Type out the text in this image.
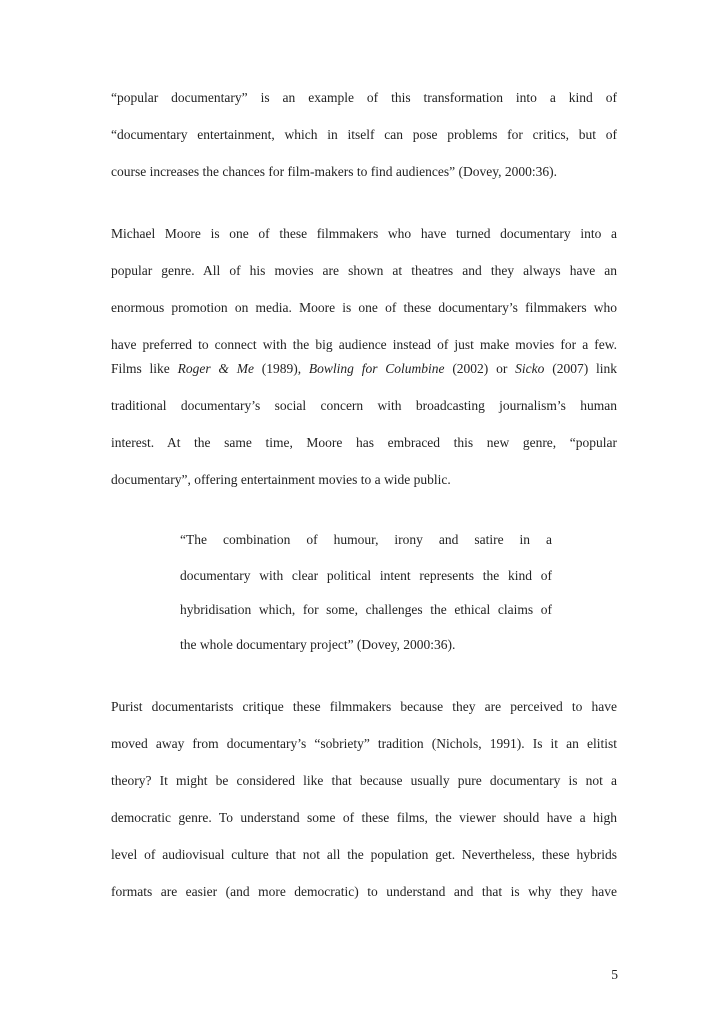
“popular documentary” is an example of this transformation into a kind of
“documentary entertainment, which in itself can pose problems for critics, but of
course increases the chances for film-makers to find audiences” (Dovey, 2000:36).
Michael Moore is one of these filmmakers who have turned documentary into a
popular genre. All of his movies are shown at theatres and they always have an
enormous promotion on media. Moore is one of these documentary’s filmmakers who
have preferred to connect with the big audience instead of just make movies for a few.
Films like Roger & Me (1989), Bowling for Columbine (2002) or Sicko (2007) link
traditional documentary’s social concern with broadcasting journalism’s human
interest. At the same time, Moore has embraced this new genre, “popular
documentary”, offering entertainment movies to a wide public.
“The combination of humour, irony and satire in a
documentary with clear political intent represents the kind of
hybridisation which, for some, challenges the ethical claims of
the whole documentary project” (Dovey, 2000:36).
Purist documentarists critique these filmmakers because they are perceived to have
moved away from documentary’s “sobriety” tradition (Nichols, 1991). Is it an elitist
theory? It might be considered like that because usually pure documentary is not a
democratic genre. To understand some of these films, the viewer should have a high
level of audiovisual culture that not all the population get. Nevertheless, these hybrids
formats are easier (and more democratic) to understand and that is why they have
5
